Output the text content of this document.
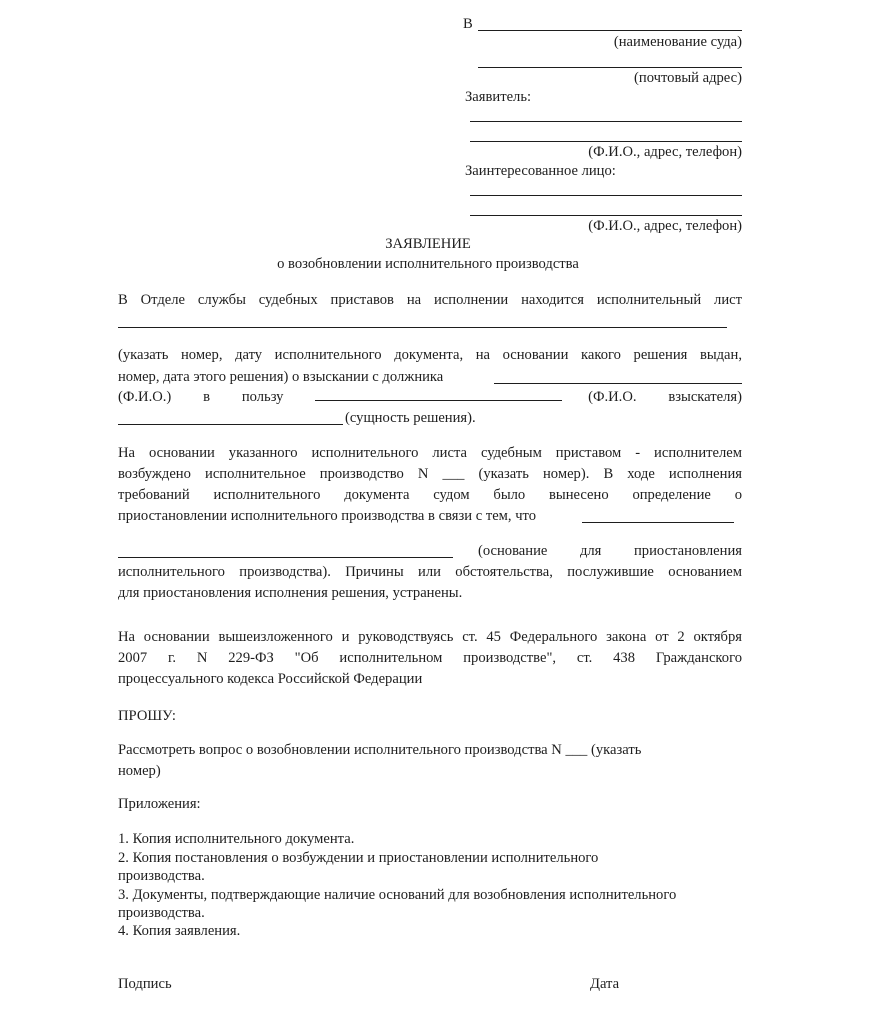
В
(наименование суда)
(почтовый адрес)
Заявитель:
(Ф.И.О., адрес, телефон)
Заинтересованное лицо:
(Ф.И.О., адрес, телефон)
ЗАЯВЛЕНИЕ
о возобновлении исполнительного производства
В Отделе службы судебных приставов на исполнении находится исполнительный лист
(указать номер, дату исполнительного документа, на основании какого решения выдан,
номер, дата этого решения) о взыскании с должника
(Ф.И.О.) в пользу	(Ф.И.О. взыскателя)
(сущность решения).
На основании указанного исполнительного листа судебным приставом - исполнителем
возбуждено исполнительное производство N ___ (указать номер). В ходе исполнения
требований исполнительного документа судом было вынесено определение о
приостановлении исполнительного производства в связи с тем, что
(основание для приостановления
исполнительного производства). Причины или обстоятельства, послужившие основанием
для приостановления исполнения решения, устранены.
На основании вышеизложенного и руководствуясь ст. 45 Федерального закона от 2 октября
2007 г. N 229-ФЗ "Об исполнительном производстве", ст. 438 Гражданского
процессуального кодекса Российской Федерации
ПРОШУ:
Рассмотреть вопрос о возобновлении исполнительного производства N ___ (указать
номер)
Приложения:
1. Копия исполнительного документа.
2. Копия постановления о возбуждении и приостановлении исполнительного
производства.
3. Документы, подтверждающие наличие оснований для возобновления исполнительного
производства.
4. Копия заявления.
Подпись	Дата
